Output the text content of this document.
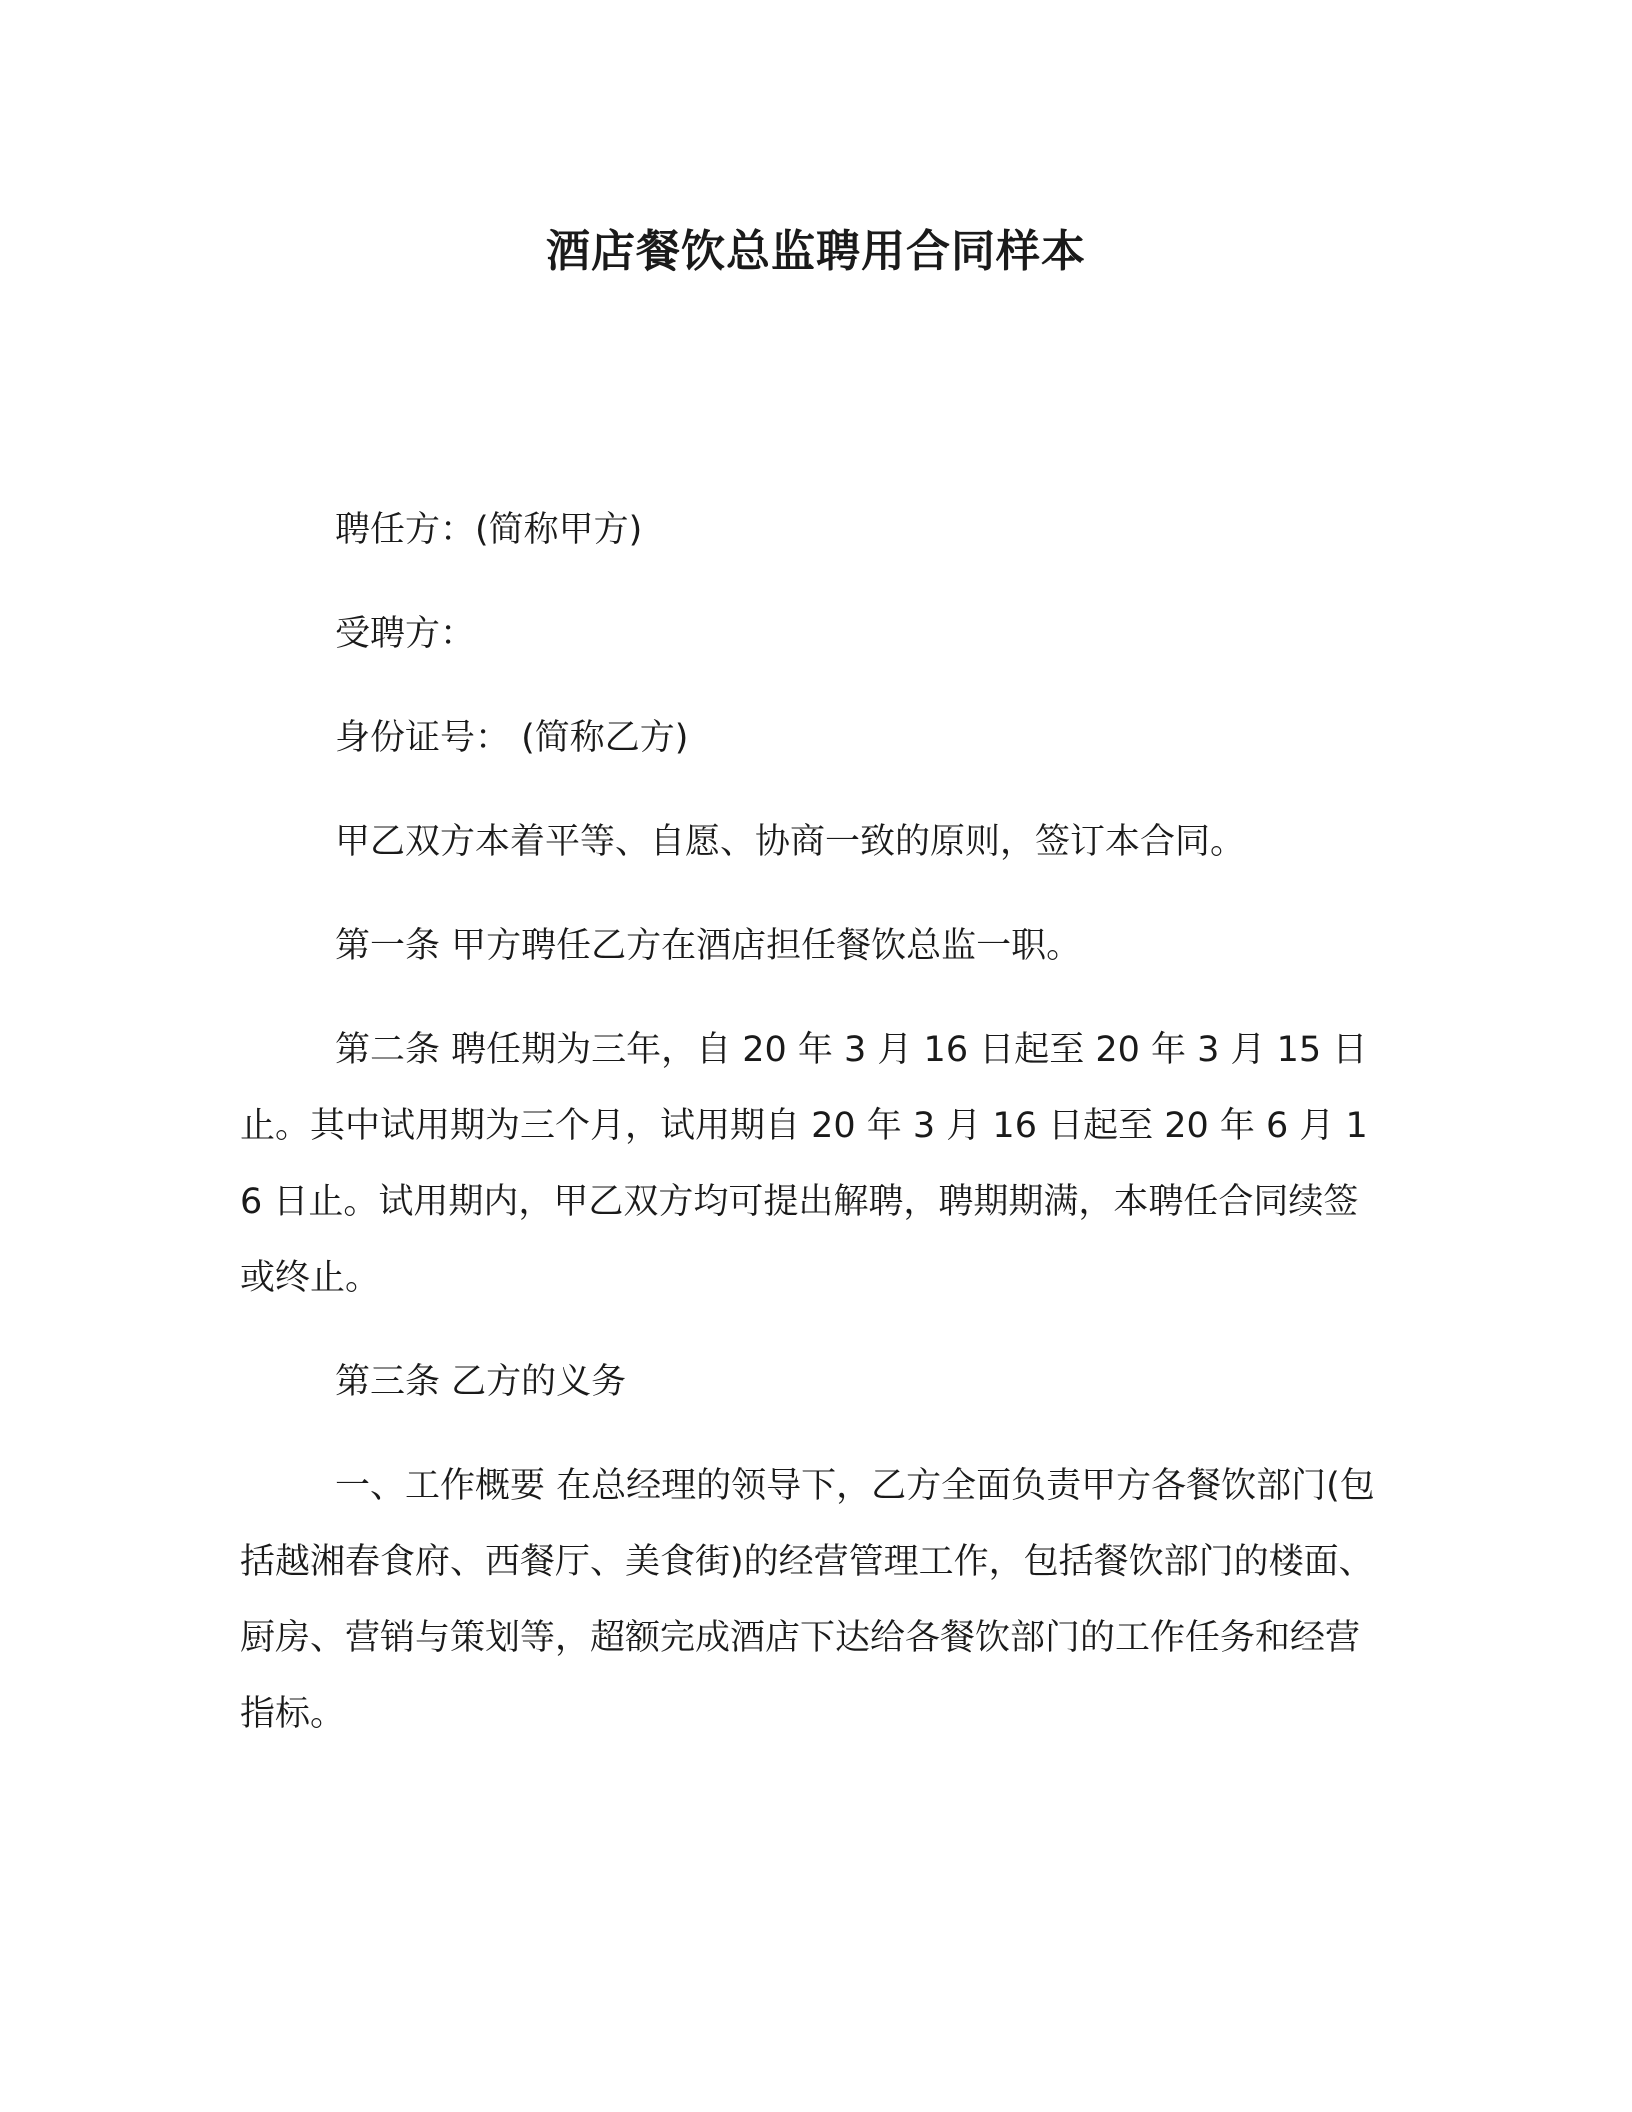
酒店餐饮总监聘用合同样本

聘任方：(简称甲方)

受聘方：

身份证号： (简称乙方)

甲乙双方本着平等、自愿、协商一致的原则，签订本合同。

第一条 甲方聘任乙方在酒店担任餐饮总监一职。

第二条 聘任期为三年，自 20 年 3 月 16 日起至 20 年 3 月 15 日止。其中试用期为三个月，试用期自 20 年 3 月 16 日起至 20 年 6 月 16 日止。试用期内，甲乙双方均可提出解聘，聘期期满，本聘任合同续签或终止。

第三条 乙方的义务

一、工作概要 在总经理的领导下，乙方全面负责甲方各餐饮部门(包括越湘春食府、西餐厅、美食街)的经营管理工作，包括餐饮部门的楼面、厨房、营销与策划等，超额完成酒店下达给各餐饮部门的工作任务和经营指标。
